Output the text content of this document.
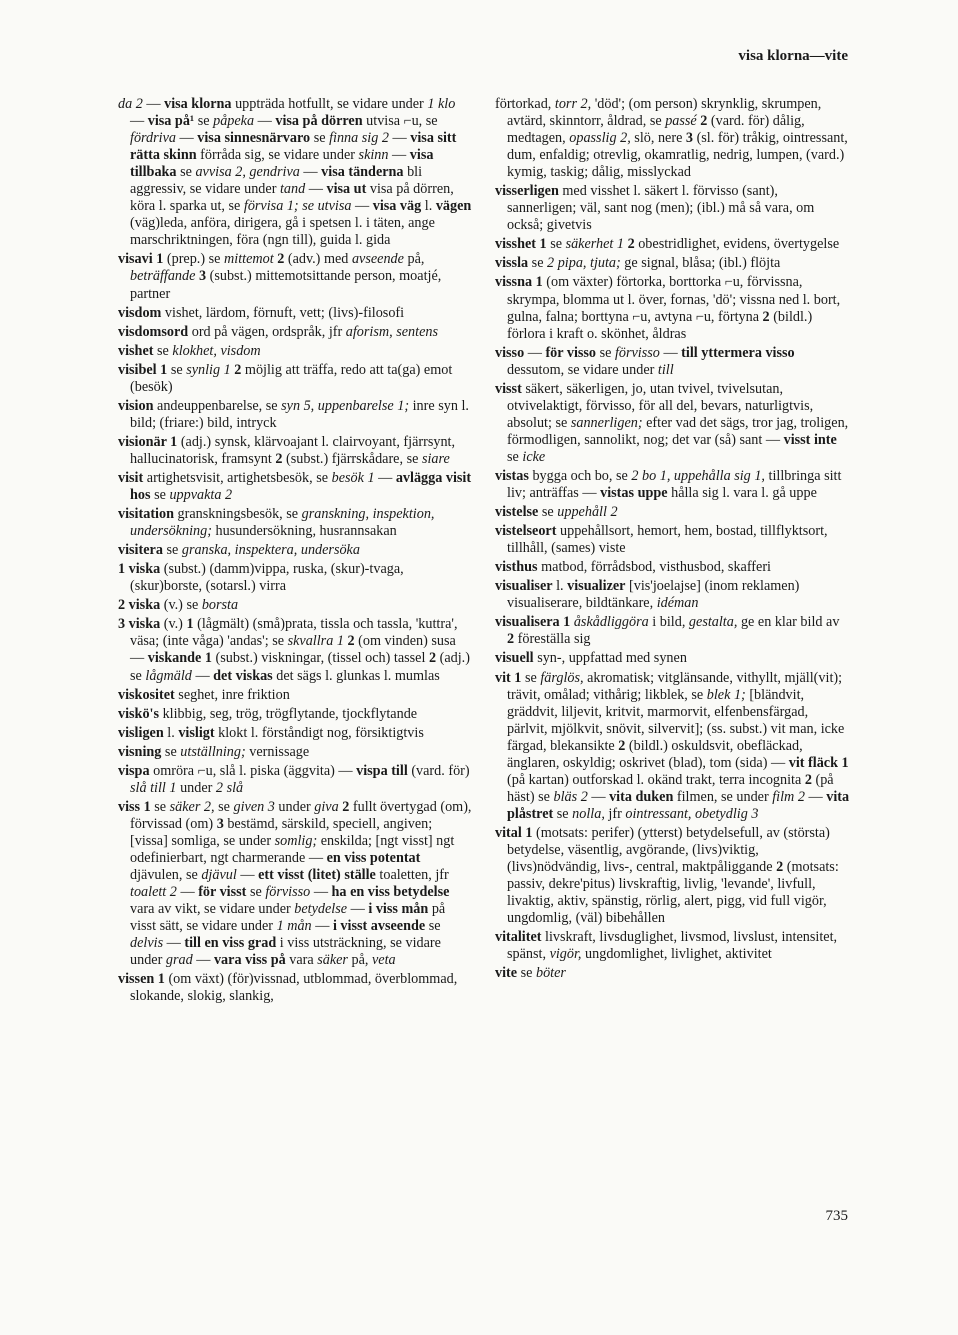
visa klorna—vite

da 2 — visa klorna uppträda hotfullt, se vidare under 1 klo — visa på¹ se påpeka — visa på dörren utvisa ⌐u, se fördriva — visa sinnesnärvaro se finna sig 2 — visa sitt rätta skinn förråda sig, se vidare under skinn — visa tillbaka se avvisa 2, gendriva — visa tänderna bli aggressiv, se vidare under tand — visa ut visa på dörren, köra l. sparka ut, se förvisa 1; se utvisa — visa väg l. vägen (väg)leda, anföra, dirigera, gå i spetsen l. i täten, ange marschriktningen, föra (ngn till), guida l. gida

visavi 1 (prep.) se mittemot 2 (adv.) med avseende på, beträffande 3 (subst.) mittemotsittande person, moatjé, partner

visdom vishet, lärdom, förnuft, vett; (livs)-filosofi

visdomsord ord på vägen, ordspråk, jfr aforism, sentens

vishet se klokhet, visdom

visibel 1 se synlig 1 2 möjlig att träffa, redo att ta(ga) emot (besök)

vision andeuppenbarelse, se syn 5, uppenbarelse 1; inre syn l. bild; (friare:) bild, intryck

visionär 1 (adj.) synsk, klärvoajant l. clairvoyant, fjärrsynt, hallucinatorisk, framsynt 2 (subst.) fjärrskådare, se siare

visit artighetsvisit, artighetsbesök, se besök 1 — avlägga visit hos se uppvakta 2

visitation granskningsbesök, se granskning, inspektion, undersökning; husundersökning, husrannsakan

visitera se granska, inspektera, undersöka

1 viska (subst.) (damm)vippa, ruska, (skur)-tvaga, (skur)borste, (sotarsl.) virra

2 viska (v.) se borsta

3 viska (v.) 1 (lågmält) (små)prata, tissla och tassla, 'kuttra', väsa; (inte våga) 'andas'; se skvallra 1 2 (om vinden) susa — viskande 1 (subst.) viskningar, (tissel och) tassel 2 (adj.) se lågmäld — det viskas det sägs l. glunkas l. mumlas

viskositet seghet, inre friktion

viskö's klibbig, seg, trög, trögflytande, tjockflytande

visligen l. visligt klokt l. förståndigt nog, försiktigtvis

visning se utställning; vernissage

vispa omröra ⌐u, slå l. piska (äggvita) — vispa till (vard. för) slå till 1 under 2 slå

viss 1 se säker 2, se given 3 under giva 2 fullt övertygad (om), förvissad (om) 3 bestämd, särskild, speciell, angiven; [vissa] somliga, se under somlig; enskilda; [ngt visst] ngt odefinierbart, ngt charmerande — en viss potentat djävulen, se djävul — ett visst (litet) ställe toaletten, jfr toalett 2 — för visst se förvisso — ha en viss betydelse vara av vikt, se vidare under betydelse — i viss mån på visst sätt, se vidare under 1 mån — i visst avseende se delvis — till en viss grad i viss utsträckning, se vidare under grad — vara viss på vara säker på, veta

vissen 1 (om växt) (för)vissnad, utblommad, överblommad, slokande, slokig, slankig,

förtorkad, torr 2, 'död'; (om person) skrynklig, skrumpen, avtärd, skinntorr, åldrad, se passé 2 (vard. för) dålig, medtagen, opasslig 2, slö, nere 3 (sl. för) tråkig, ointressant, dum, enfaldig; otrevlig, okamratlig, nedrig, lumpen, (vard.) kymig, taskig; dålig, misslyckad

visserligen med visshet l. säkert l. förvisso (sant), sannerligen; väl, sant nog (men); (ibl.) må så vara, om också; givetvis

visshet 1 se säkerhet 1 2 obestridlighet, evidens, övertygelse

vissla se 2 pipa, tjuta; ge signal, blåsa; (ibl.) flöjta

vissna 1 (om växter) förtorka, borttorka ⌐u, förvissna, skrympa, blomma ut l. över, fornas, 'dö'; vissna ned l. bort, gulna, falna; borttyna ⌐u, avtyna ⌐u, förtyna 2 (bildl.) förlora i kraft o. skönhet, åldras

visso — för visso se förvisso — till yttermera visso dessutom, se vidare under till

visst säkert, säkerligen, jo, utan tvivel, tvivelsutan, otvivelaktigt, förvisso, för all del, bevars, naturligtvis, absolut; se sannerligen; efter vad det sägs, tror jag, troligen, förmodligen, sannolikt, nog; det var (så) sant — visst inte se icke

vistas bygga och bo, se 2 bo 1, uppehålla sig 1, tillbringa sitt liv; anträffas — vistas uppe hålla sig l. vara l. gå uppe

vistelse se uppehåll 2

vistelseort uppehållsort, hemort, hem, bostad, tillflyktsort, tillhåll, (sames) viste

visthus matbod, förrådsbod, visthusbod, skafferi

visualiser l. visualizer [vis'joelajse] (inom reklamen) visualiserare, bildtänkare, idéman

visualisera 1 åskådliggöra i bild, gestalta, ge en klar bild av 2 föreställa sig

visuell syn-, uppfattad med synen

vit 1 se färglös, akromatisk; vitglänsande, vithyllt, mjäll(vit); trävit, omålad; vithårig; likblek, se blek 1; [bländvit, gräddvit, liljevit, kritvit, marmorvit, elfenbensfärgad, pärlvit, mjölkvit, snövit, silvervit]; (ss. subst.) vit man, icke färgad, blekansikte 2 (bildl.) oskuldsvit, obefläckad, änglaren, oskyldig; oskrivet (blad), tom (sida) — vit fläck 1 (på kartan) outforskad l. okänd trakt, terra incognita 2 (på häst) se bläs 2 — vita duken filmen, se under film 2 — vita plåstret se nolla, jfr ointressant, obetydlig 3

vital 1 (motsats: perifer) (ytterst) betydelsefull, av (största) betydelse, väsentlig, avgörande, (livs)viktig, (livs)nödvändig, livs-, central, maktpåliggande 2 (motsats: passiv, dekre'pitus) livskraftig, livlig, 'levande', livfull, livaktig, aktiv, spänstig, rörlig, alert, pigg, vid full vigör, ungdomlig, (väl) bibehållen

vitalitet livskraft, livsduglighet, livsmod, livslust, intensitet, spänst, vigör, ungdomlighet, livlighet, aktivitet

vite se böter

735
